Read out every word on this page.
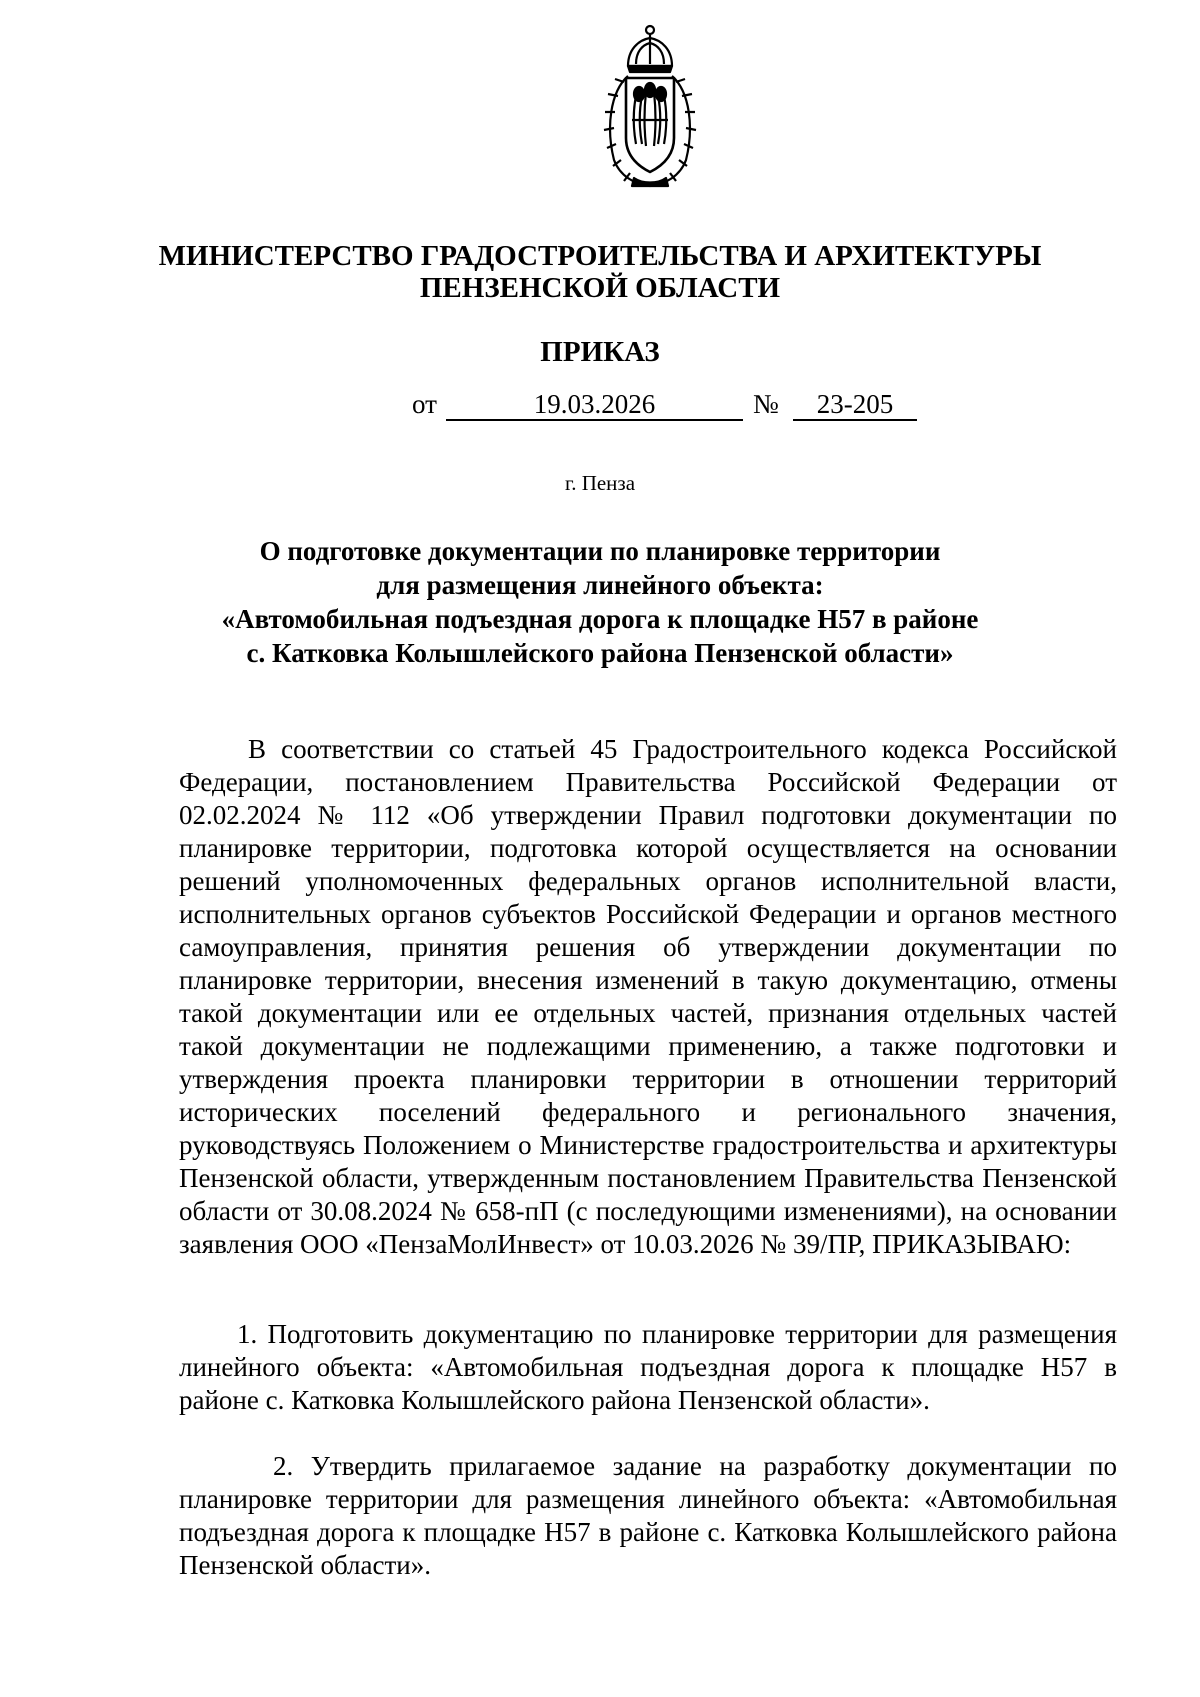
МИНИСТЕРСТВО ГРАДОСТРОИТЕЛЬСТВА И АРХИТЕКТУРЫ
ПЕНЗЕНСКОЙ ОБЛАСТИ
ПРИКАЗ
от	19.03.2026	№	23-205
г. Пенза
О подготовке документации по планировке территории
для размещения линейного объекта:
«Автомобильная подъездная дорога к площадке Н57 в районе
с. Катковка Колышлейского района Пензенской области»
В соответствии со статьей 45 Градостроительного кодекса Российской Федерации, постановлением Правительства Российской Федерации от 02.02.2024 № 112 «Об утверждении Правил подготовки документации по планировке территории, подготовка которой осуществляется на основании решений уполномоченных федеральных органов исполнительной власти, исполнительных органов субъектов Российской Федерации и органов местного самоуправления, принятия решения об утверждении документации по планировке территории, внесения изменений в такую документацию, отмены такой документации или ее отдельных частей, признания отдельных частей такой документации не подлежащими применению, а также подготовки и утверждения проекта планировки территории в отношении территорий исторических поселений федерального и регионального значения, руководствуясь Положением о Министерстве градостроительства и архитектуры Пензенской области, утвержденным постановлением Правительства Пензенской области от 30.08.2024 № 658-пП (с последующими изменениями), на основании заявления ООО «ПензаМолИнвест» от 10.03.2026 № 39/ПР, ПРИКАЗЫВАЮ:
1. Подготовить документацию по планировке территории для размещения линейного объекта: «Автомобильная подъездная дорога к площадке Н57 в районе с. Катковка Колышлейского района Пензенской области».
2. Утвердить прилагаемое задание на разработку документации по планировке территории для размещения линейного объекта: «Автомобильная подъездная дорога к площадке Н57 в районе с. Катковка Колышлейского района Пензенской области».
